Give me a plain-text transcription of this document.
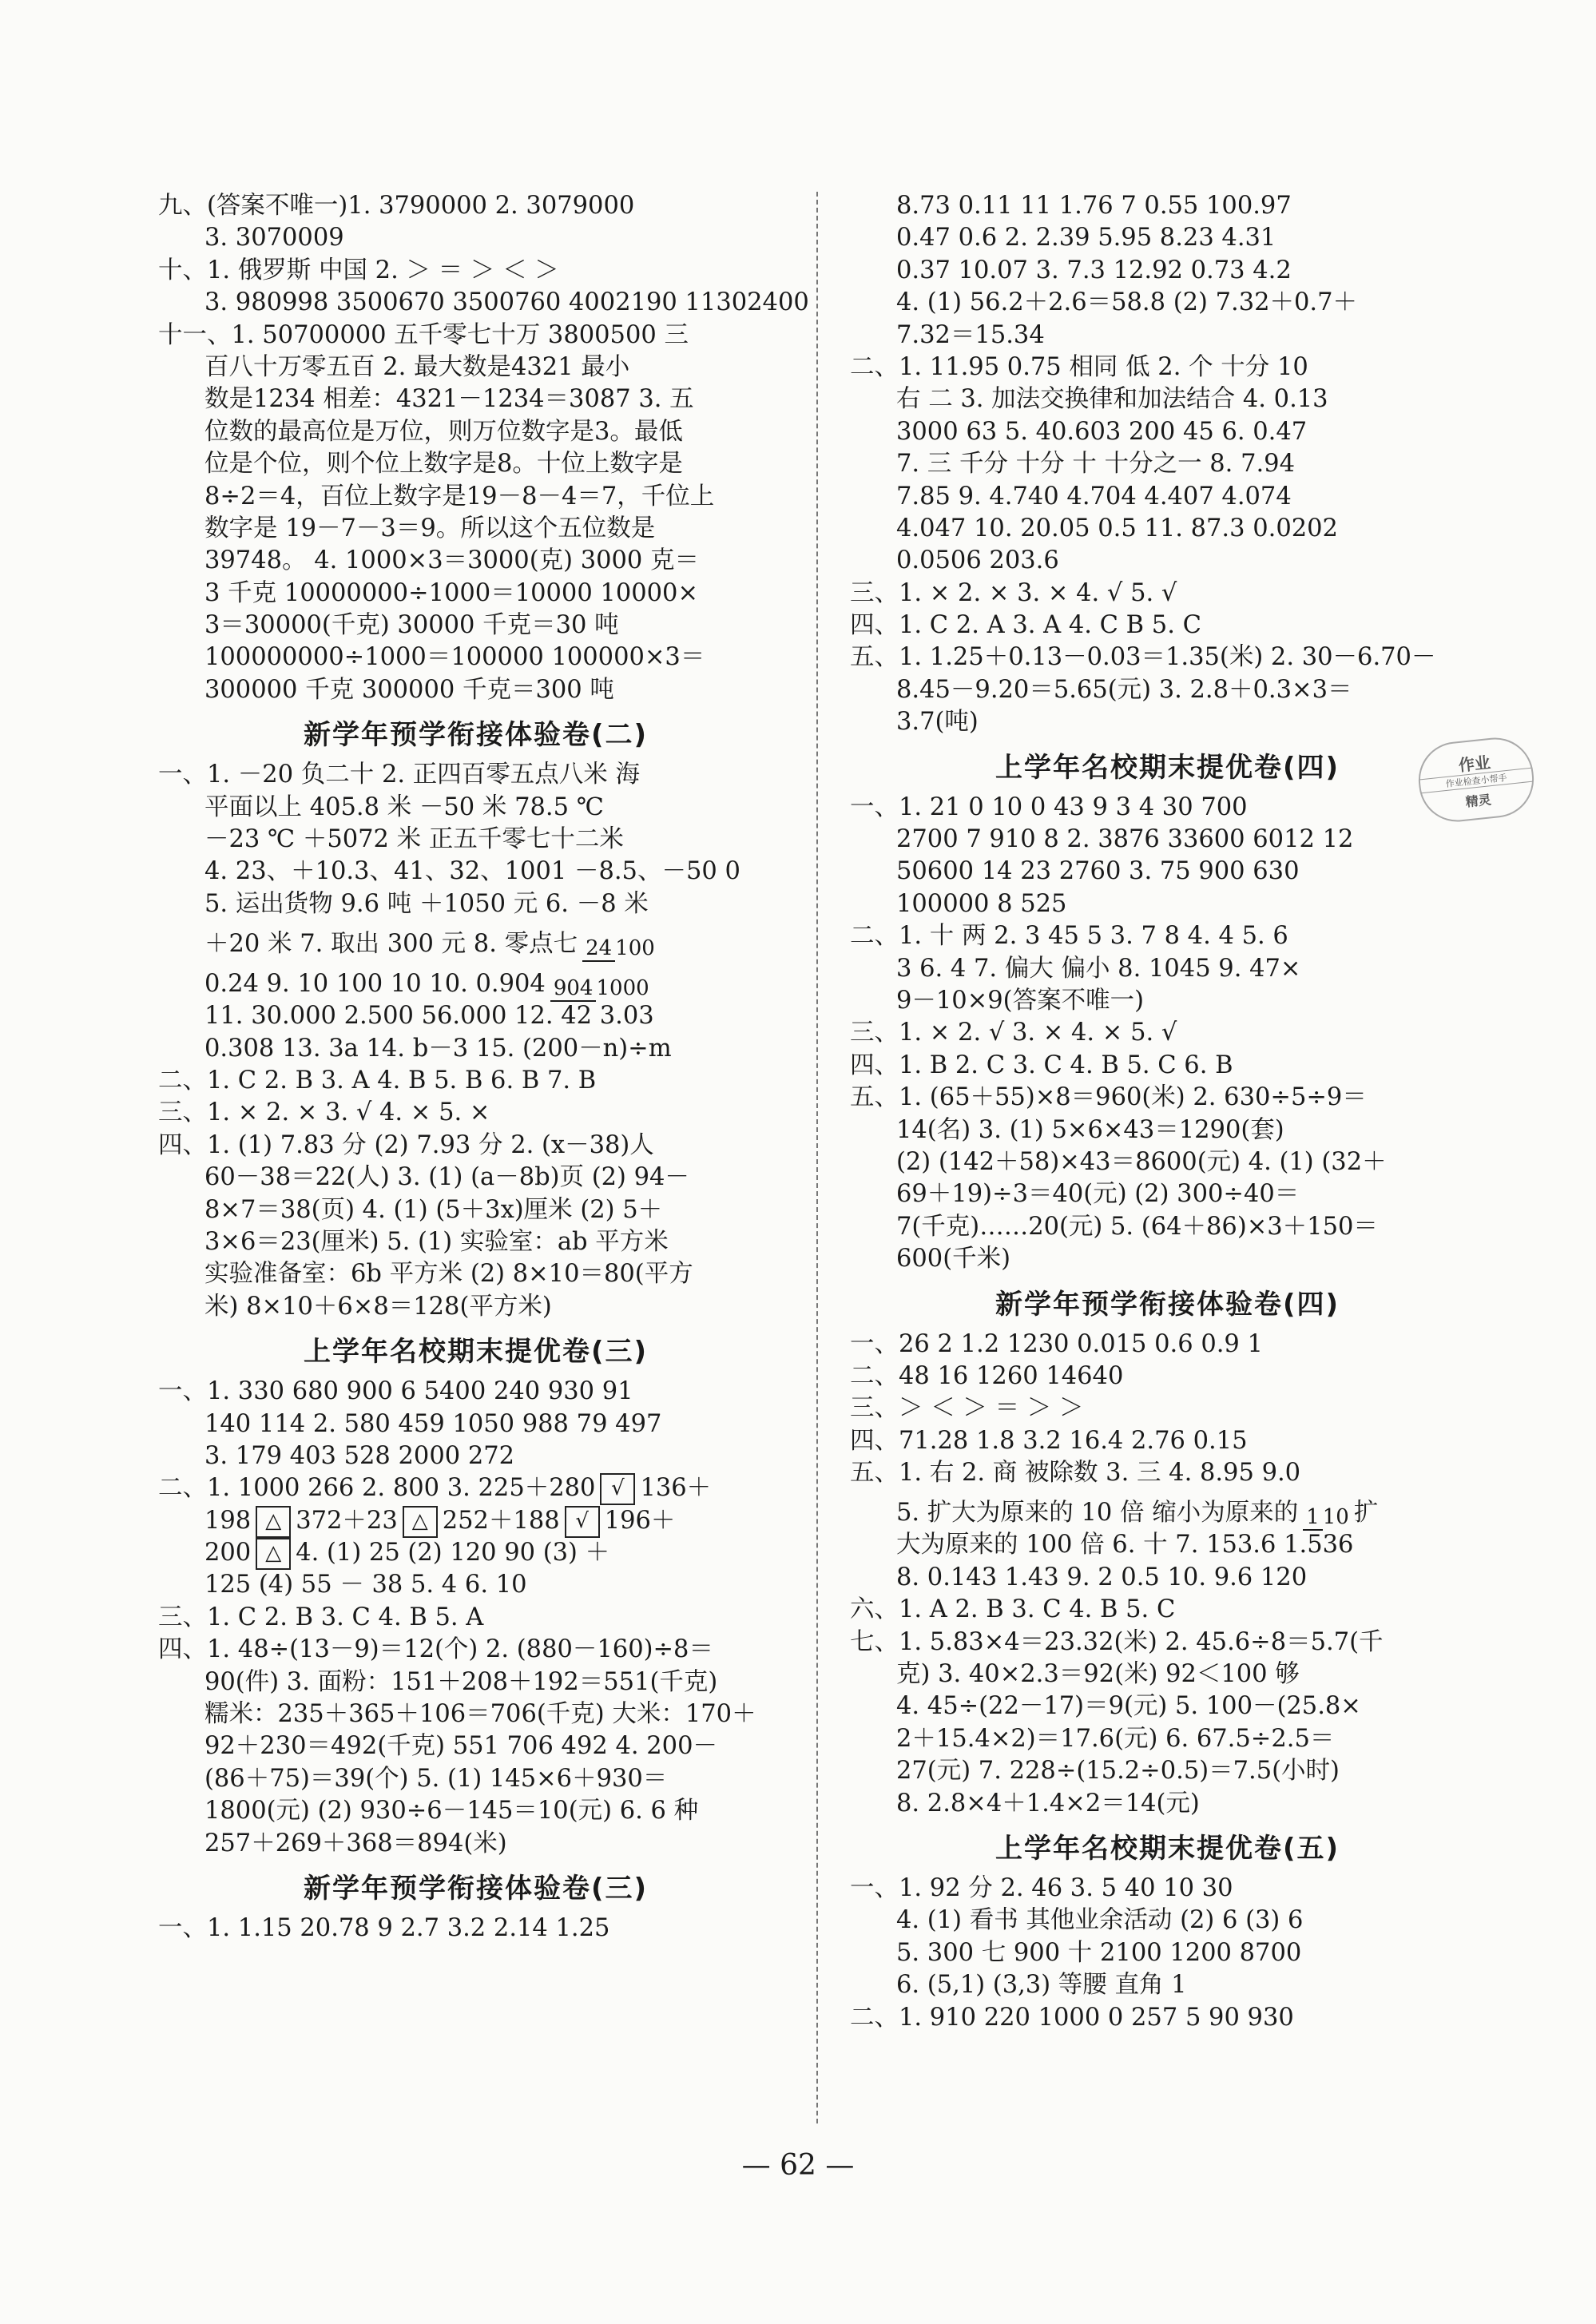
九、(答案不唯一)1. 3790000 2. 3079000
3. 3070009
十、1. 俄罗斯 中国 2. ＞ ＝ ＞ ＜ ＞
3. 980998 3500670 3500760 4002190 11302400
十一、1. 50700000 五千零七十万 3800500 三
百八十万零五百 2. 最大数是4321 最小
数是1234 相差：4321－1234＝3087 3. 五
位数的最高位是万位，则万位数字是3。最低
位是个位，则个位上数字是8。十位上数字是
8÷2＝4，百位上数字是19－8－4＝7，千位上
数字是 19－7－3＝9。所以这个五位数是
39748。 4. 1000×3＝3000(克) 3000 克＝
3 千克 10000000÷1000＝10000 10000×
3＝30000(千克) 30000 千克＝30 吨
100000000÷1000＝100000 100000×3＝
300000 千克 300000 千克＝300 吨
新学年预学衔接体验卷(二)
一、1. －20 负二十 2. 正四百零五点八米 海
平面以上 405.8 米 －50 米 78.5 ℃
－23 ℃ ＋5072 米 正五千零七十二米
4. 23、＋10.3、41、32、1001 －8.5、－50 0
5. 运出货物 9.6 吨 ＋1050 元 6. －8 米
＋20 米 7. 取出 300 元 8. 零点七 24 100
0.24 9. 10 100 10 10. 0.904 904 1000
11. 30.000 2.500 56.000 12. 42 3.03
0.308 13. 3a 14. b－3 15. (200－n)÷m
二、1. C 2. B 3. A 4. B 5. B 6. B 7. B
三、1. × 2. × 3. √ 4. × 5. ×
四、1. (1) 7.83 分 (2) 7.93 分 2. (x－38)人
60－38＝22(人) 3. (1) (a－8b)页 (2) 94－
8×7＝38(页) 4. (1) (5＋3x)厘米 (2) 5＋
3×6＝23(厘米) 5. (1) 实验室：ab 平方米
实验准备室：6b 平方米 (2) 8×10＝80(平方
米) 8×10＋6×8＝128(平方米)
上学年名校期末提优卷(三)
一、1. 330 680 900 6 5400 240 930 91
140 114 2. 580 459 1050 988 79 497
3. 179 403 528 2000 272
二、1. 1000 266 2. 800 3. 225＋280 √ 136＋
198 △ 372＋23 △ 252＋188 √ 196＋
200 △ 4. (1) 25 (2) 120 90 (3) ＋
125 (4) 55 － 38 5. 4 6. 10
三、1. C 2. B 3. C 4. B 5. A
四、1. 48÷(13－9)＝12(个) 2. (880－160)÷8＝
90(件) 3. 面粉：151＋208＋192＝551(千克)
糯米：235＋365＋106＝706(千克) 大米：170＋
92＋230＝492(千克) 551 706 492 4. 200－
(86＋75)＝39(个) 5. (1) 145×6＋930＝
1800(元) (2) 930÷6－145＝10(元) 6. 6 种
257＋269＋368＝894(米)
新学年预学衔接体验卷(三)
一、1. 1.15 20.78 9 2.7 3.2 2.14 1.25
8.73 0.11 11 1.76 7 0.55 100.97
0.47 0.6 2. 2.39 5.95 8.23 4.31
0.37 10.07 3. 7.3 12.92 0.73 4.2
4. (1) 56.2＋2.6＝58.8 (2) 7.32＋0.7＋
7.32＝15.34
二、1. 11.95 0.75 相同 低 2. 个 十分 10
右 二 3. 加法交换律和加法结合 4. 0.13
3000 63 5. 40.603 200 45 6. 0.47
7. 三 千分 十分 十 十分之一 8. 7.94
7.85 9. 4.740 4.704 4.407 4.074
4.047 10. 20.05 0.5 11. 87.3 0.0202
0.0506 203.6
三、1. × 2. × 3. × 4. √ 5. √
四、1. C 2. A 3. A 4. C B 5. C
五、1. 1.25＋0.13－0.03＝1.35(米) 2. 30－6.70－
8.45－9.20＝5.65(元) 3. 2.8＋0.3×3＝
3.7(吨)
上学年名校期末提优卷(四)
一、1. 21 0 10 0 43 9 3 4 30 700
2700 7 910 8 2. 3876 33600 6012 12
50600 14 23 2760 3. 75 900 630
100000 8 525
二、1. 十 两 2. 3 45 5 3. 7 8 4. 4 5. 6
3 6. 4 7. 偏大 偏小 8. 1045 9. 47×
9－10×9(答案不唯一)
三、1. × 2. √ 3. × 4. × 5. √
四、1. B 2. C 3. C 4. B 5. C 6. B
五、1. (65＋55)×8＝960(米) 2. 630÷5÷9＝
14(名) 3. (1) 5×6×43＝1290(套)
(2) (142＋58)×43＝8600(元) 4. (1) (32＋
69＋19)÷3＝40(元) (2) 300÷40＝
7(千克)……20(元) 5. (64＋86)×3＋150＝
600(千米)
新学年预学衔接体验卷(四)
一、26 2 1.2 1230 0.015 0.6 0.9 1
二、48 16 1260 14640
三、＞ ＜ ＞ ＝ ＞ ＞
四、71.28 1.8 3.2 16.4 2.76 0.15
五、1. 右 2. 商 被除数 3. 三 4. 8.95 9.0
5. 扩大为原来的 10 倍 缩小为原来的 1 10 扩
大为原来的 100 倍 6. 十 7. 153.6 1.536
8. 0.143 1.43 9. 2 0.5 10. 9.6 120
六、1. A 2. B 3. C 4. B 5. C
七、1. 5.83×4＝23.32(米) 2. 45.6÷8＝5.7(千
克) 3. 40×2.3＝92(米) 92＜100 够
4. 45÷(22－17)＝9(元) 5. 100－(25.8×
2＋15.4×2)＝17.6(元) 6. 67.5÷2.5＝
27(元) 7. 228÷(15.2÷0.5)＝7.5(小时)
8. 2.8×4＋1.4×2＝14(元)
上学年名校期末提优卷(五)
一、1. 92 分 2. 46 3. 5 40 10 30
4. (1) 看书 其他业余活动 (2) 6 (3) 6
5. 300 七 900 十 2100 1200 8700
6. (5,1) (3,3) 等腰 直角 1
二、1. 910 220 1000 0 257 5 90 930
作业
作业检查小帮手
精灵
— 62 —
